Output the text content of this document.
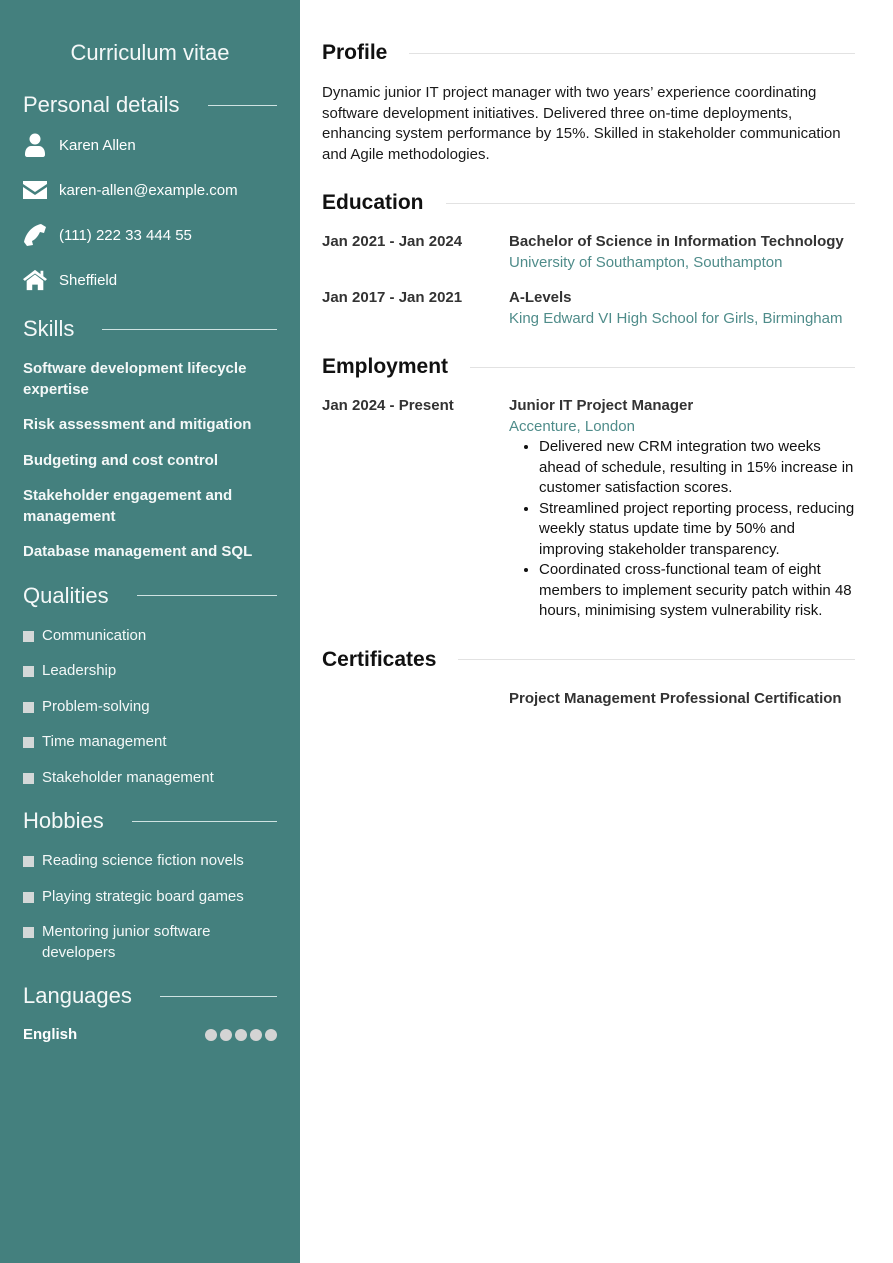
Curriculum vitae
Personal details
Karen Allen
karen-allen@example.com
(111) 222 33 444 55
Sheffield
Skills
Software development lifecycle expertise
Risk assessment and mitigation
Budgeting and cost control
Stakeholder engagement and management
Database management and SQL
Qualities
Communication
Leadership
Problem-solving
Time management
Stakeholder management
Hobbies
Reading science fiction novels
Playing strategic board games
Mentoring junior software developers
Languages
English
Profile
Dynamic junior IT project manager with two years’ experience coordinating software development initiatives. Delivered three on-time deployments, enhancing system performance by 15%. Skilled in stakeholder communication and Agile methodologies.
Education
Jan 2021 - Jan 2024	Bachelor of Science in Information Technology
University of Southampton, Southampton
Jan 2017 - Jan 2021	A-Levels
King Edward VI High School for Girls, Birmingham
Employment
Jan 2024 - Present	Junior IT Project Manager
Accenture, London
• Delivered new CRM integration two weeks ahead of schedule, resulting in 15% increase in customer satisfaction scores.
• Streamlined project reporting process, reducing weekly status update time by 50% and improving stakeholder transparency.
• Coordinated cross-functional team of eight members to implement security patch within 48 hours, minimising system vulnerability risk.
Certificates
Project Management Professional Certification
